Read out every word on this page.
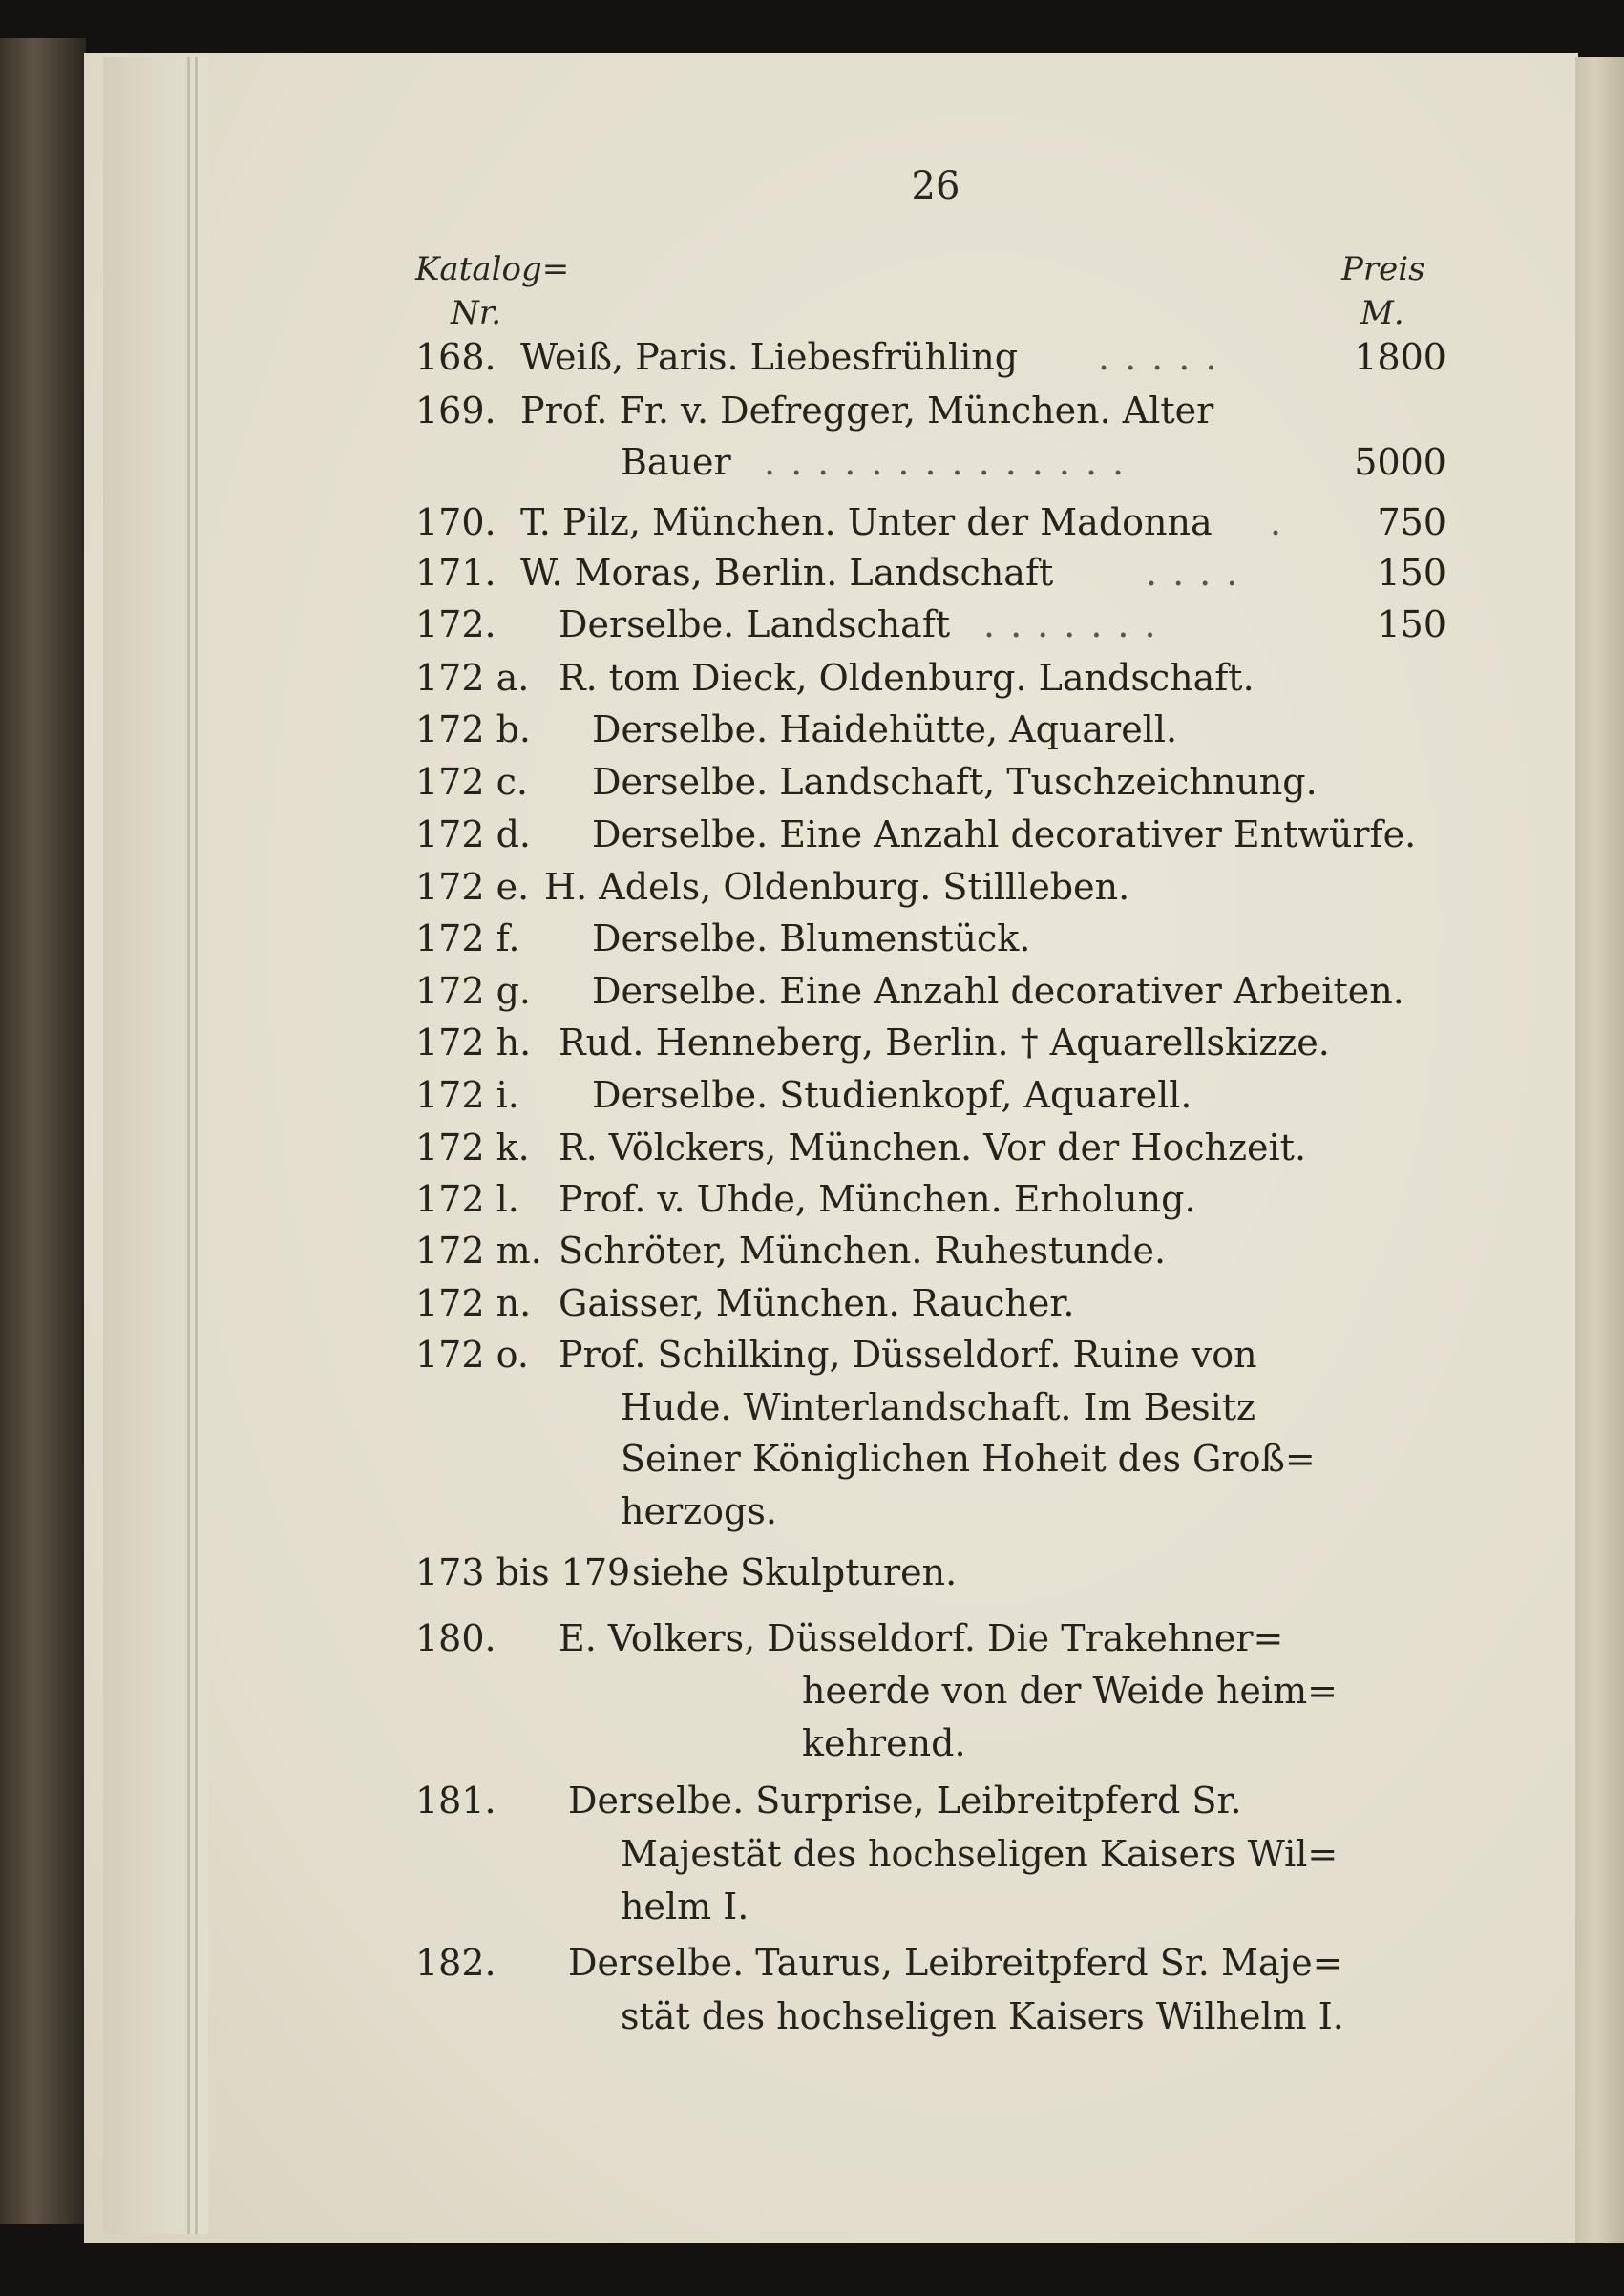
26
Katalog=
Nr.
Preis
M.
168. Weiß, Paris. Liebesfrühling .....	1800
169. Prof. Fr. v. Defregger, München. Alter
Bauer ..............	5000
170. T. Pilz, München. Unter der Madonna . 750
171. W. Moras, Berlin. Landschaft	....	150
172. Derselbe. Landschaft .......	150
172 a. R. tom Dieck, Oldenburg. Landschaft.
172 b. Derselbe. Haidehütte, Aquarell.
172 c. Derselbe. Landschaft, Tuschzeichnung.
172 d. Derselbe. Eine Anzahl decorativer Entwürfe.
172 e. H. Adels, Oldenburg. Stillleben.
172 f. Derselbe. Blumenstück.
172 g. Derselbe. Eine Anzahl decorativer Arbeiten.
172 h. Rud. Henneberg, Berlin. † Aquarellskizze.
172 i. Derselbe. Studienkopf, Aquarell.
172 k. R. Völckers, München. Vor der Hochzeit.
172 l. Prof. v. Uhde, München. Erholung.
172 m. Schröter, München. Ruhestunde.
172 n. Gaisser, München. Raucher.
172 o. Prof. Schilking, Düsseldorf. Ruine von
Hude. Winterlandschaft. Im Besitz
Seiner Königlichen Hoheit des Groß=
herzogs.
173 bis 179 siehe Skulpturen.
180. E. Volkers, Düsseldorf. Die Trakehner=
heerde von der Weide heim=
kehrend.
181. Derselbe. Surprise, Leibreitpferd Sr.
Majestät des hochseligen Kaisers Wil=
helm I.
182. Derselbe. Taurus, Leibreitpferd Sr. Maje=
stät des hochseligen Kaisers Wilhelm I.
